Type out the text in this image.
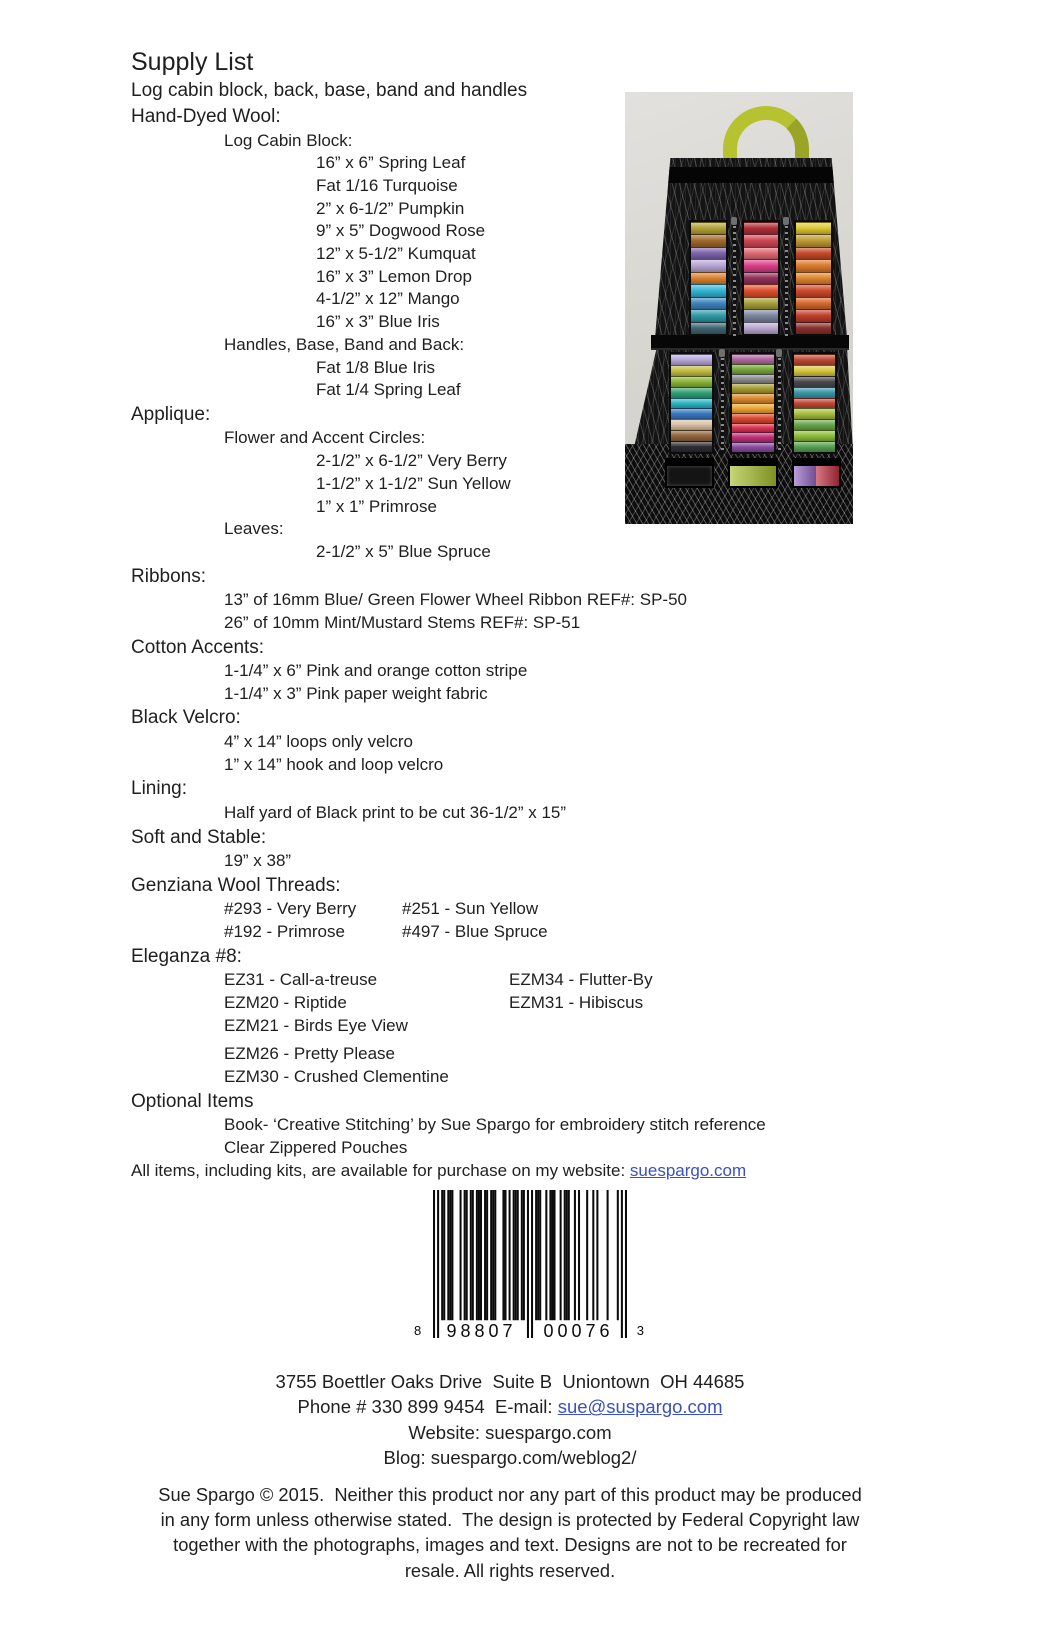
Supply List
Log cabin block, back, base, band and handles
Hand-Dyed Wool:
Log Cabin Block:
16” x 6” Spring Leaf
Fat 1/16 Turquoise
2” x 6-1/2” Pumpkin
9” x 5” Dogwood Rose
12” x 5-1/2” Kumquat
16” x 3” Lemon Drop
4-1/2” x 12” Mango
16” x 3” Blue Iris
Handles, Base, Band and Back:
Fat 1/8 Blue Iris
Fat 1/4 Spring Leaf
Applique:
Flower and Accent Circles:
2-1/2” x 6-1/2” Very Berry
1-1/2” x 1-1/2” Sun Yellow
1” x 1” Primrose
Leaves:
2-1/2” x 5” Blue Spruce
Ribbons:
13” of 16mm Blue/ Green Flower Wheel Ribbon REF#: SP-50
26” of 10mm Mint/Mustard Stems REF#: SP-51
Cotton Accents:
1-1/4” x 6” Pink and orange cotton stripe
1-1/4” x 3” Pink paper weight fabric
Black Velcro:
4” x 14” loops only velcro
1” x 14” hook and loop velcro
Lining:
Half yard of Black print to be cut 36-1/2” x 15”
Soft and Stable:
19” x 38”
Genziana Wool Threads:
#293 - Very Berry	#251 - Sun Yellow
#192 - Primrose	#497 - Blue Spruce
Eleganza #8:
EZ31 - Call-a-treuse	EZM34 - Flutter-By
EZM20 - Riptide	EZM31 - Hibiscus
EZM21 - Birds Eye View
EZM26 - Pretty Please
EZM30 - Crushed Clementine
Optional Items
Book- ‘Creative Stitching’ by Sue Spargo for embroidery stitch reference
Clear Zippered Pouches
All items, including kits, are available for purchase on my website: suespargo.com
8	98807	00076	3
3755 Boettler Oaks Drive  Suite B  Uniontown  OH 44685
Phone # 330 899 9454  E-mail: sue@suspargo.com
Website: suespargo.com
Blog: suespargo.com/weblog2/
Sue Spargo © 2015.  Neither this product nor any part of this product may be produced
in any form unless otherwise stated.  The design is protected by Federal Copyright law
together with the photographs, images and text. Designs are not to be recreated for
resale. All rights reserved.
